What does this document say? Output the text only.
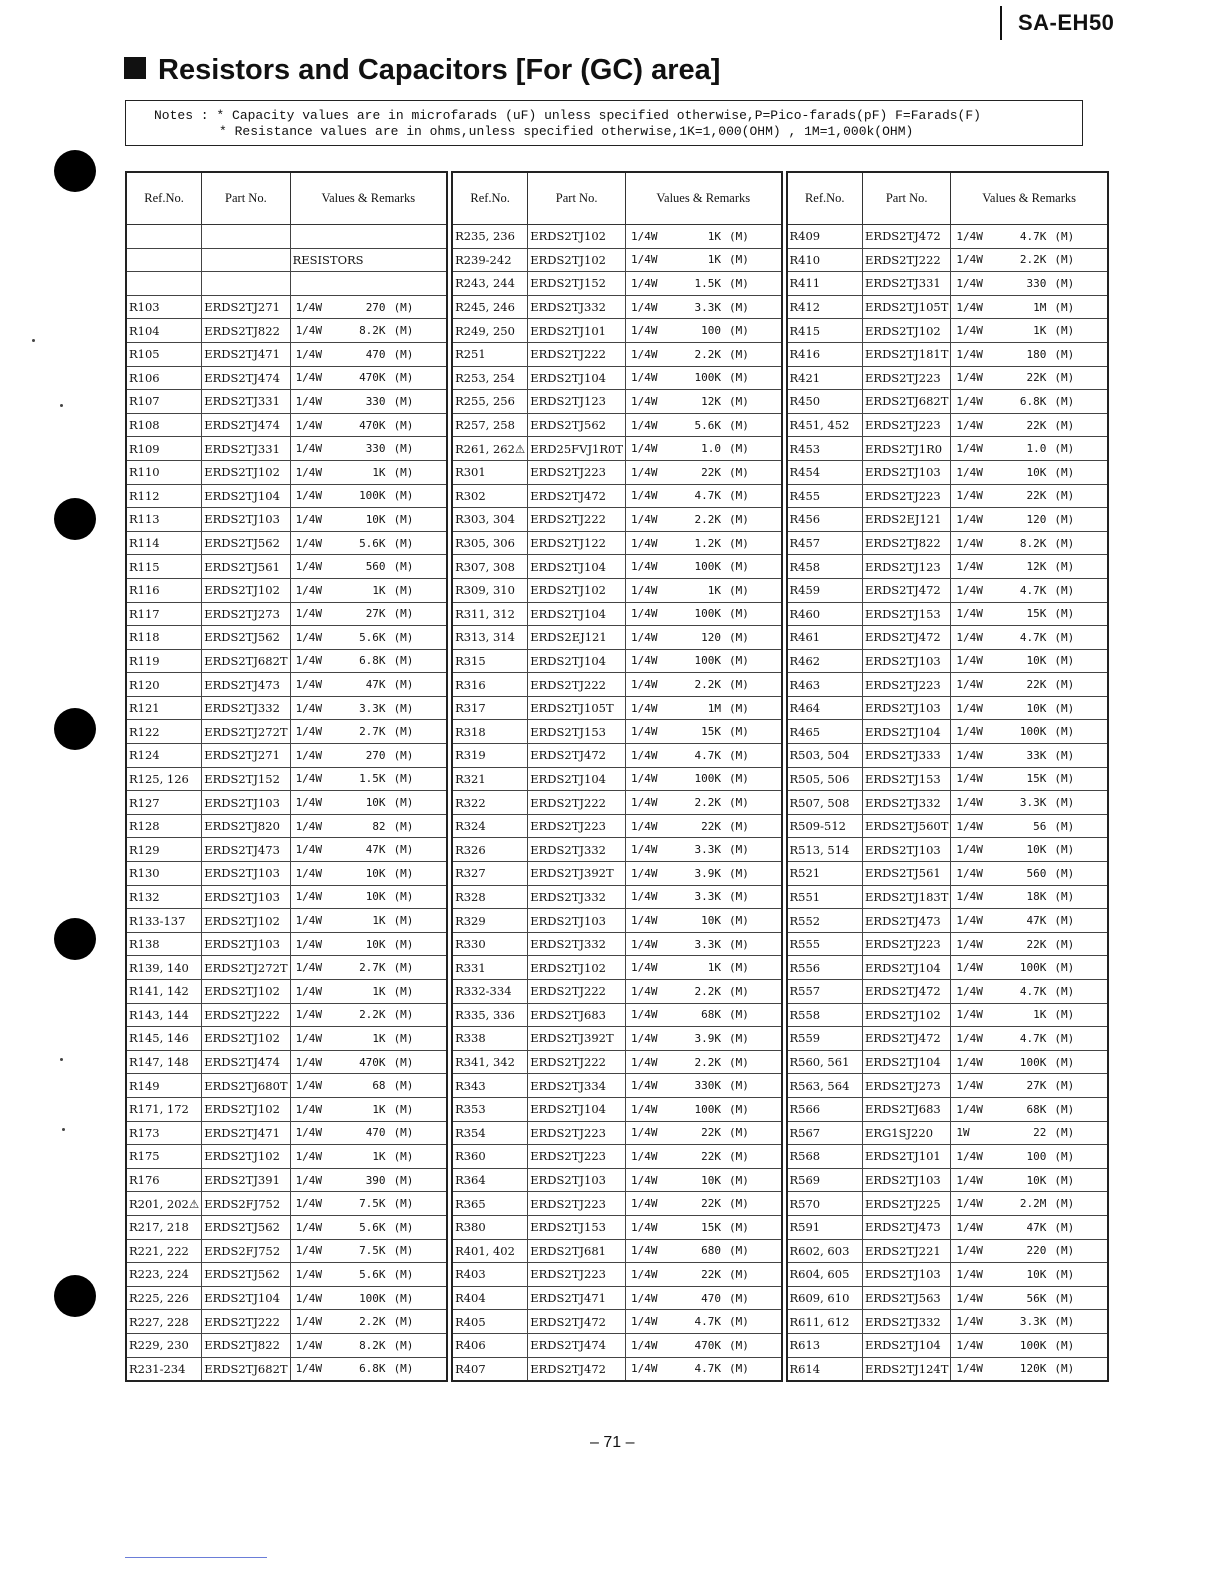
SA-EH50
Resistors and Capacitors [For (GC) area]
Notes : * Capacity values are in microfarads (uF) unless specified otherwise,P=Pico-farads(pF) F=Farads(F)
* Resistance values are in ohms,unless specified otherwise,1K=1,000(OHM) , 1M=1,000k(OHM)
Ref.No.	Part No.	Values & Remarks

		RESISTORS

R103	ERDS2TJ271	1/4W 270 (M)
R104	ERDS2TJ822	1/4W 8.2K (M)
R105	ERDS2TJ471	1/4W 470 (M)
R106	ERDS2TJ474	1/4W 470K (M)
R107	ERDS2TJ331	1/4W 330 (M)
R108	ERDS2TJ474	1/4W 470K (M)
R109	ERDS2TJ331	1/4W 330 (M)
R110	ERDS2TJ102	1/4W 1K (M)
R112	ERDS2TJ104	1/4W 100K (M)
R113	ERDS2TJ103	1/4W 10K (M)
R114	ERDS2TJ562	1/4W 5.6K (M)
R115	ERDS2TJ561	1/4W 560 (M)
R116	ERDS2TJ102	1/4W 1K (M)
R117	ERDS2TJ273	1/4W 27K (M)
R118	ERDS2TJ562	1/4W 5.6K (M)
R119	ERDS2TJ682T	1/4W 6.8K (M)
R120	ERDS2TJ473	1/4W 47K (M)
R121	ERDS2TJ332	1/4W 3.3K (M)
R122	ERDS2TJ272T	1/4W 2.7K (M)
R124	ERDS2TJ271	1/4W 270 (M)
R125, 126	ERDS2TJ152	1/4W 1.5K (M)
R127	ERDS2TJ103	1/4W 10K (M)
R128	ERDS2TJ820	1/4W 82 (M)
R129	ERDS2TJ473	1/4W 47K (M)
R130	ERDS2TJ103	1/4W 10K (M)
R132	ERDS2TJ103	1/4W 10K (M)
R133-137	ERDS2TJ102	1/4W 1K (M)
R138	ERDS2TJ103	1/4W 10K (M)
R139, 140	ERDS2TJ272T	1/4W 2.7K (M)
R141, 142	ERDS2TJ102	1/4W 1K (M)
R143, 144	ERDS2TJ222	1/4W 2.2K (M)
R145, 146	ERDS2TJ102	1/4W 1K (M)
R147, 148	ERDS2TJ474	1/4W 470K (M)
R149	ERDS2TJ680T	1/4W 68 (M)
R171, 172	ERDS2TJ102	1/4W 1K (M)
R173	ERDS2TJ471	1/4W 470 (M)
R175	ERDS2TJ102	1/4W 1K (M)
R176	ERDS2TJ391	1/4W 390 (M)
R201, 202⚠	ERDS2FJ752	1/4W 7.5K (M)
R217, 218	ERDS2TJ562	1/4W 5.6K (M)
R221, 222	ERDS2FJ752	1/4W 7.5K (M)
R223, 224	ERDS2TJ562	1/4W 5.6K (M)
R225, 226	ERDS2TJ104	1/4W 100K (M)
R227, 228	ERDS2TJ222	1/4W 2.2K (M)
R229, 230	ERDS2TJ822	1/4W 8.2K (M)
R231-234	ERDS2TJ682T	1/4W 6.8K (M)
Ref.No.	Part No.	Values & Remarks
R235, 236	ERDS2TJ102	1/4W 1K (M)
R239-242	ERDS2TJ102	1/4W 1K (M)
R243, 244	ERDS2TJ152	1/4W 1.5K (M)
R245, 246	ERDS2TJ332	1/4W 3.3K (M)
R249, 250	ERDS2TJ101	1/4W 100 (M)
R251	ERDS2TJ222	1/4W 2.2K (M)
R253, 254	ERDS2TJ104	1/4W 100K (M)
R255, 256	ERDS2TJ123	1/4W 12K (M)
R257, 258	ERDS2TJ562	1/4W 5.6K (M)
R261, 262⚠	ERD25FVJ1R0T	1/4W 1.0 (M)
R301	ERDS2TJ223	1/4W 22K (M)
R302	ERDS2TJ472	1/4W 4.7K (M)
R303, 304	ERDS2TJ222	1/4W 2.2K (M)
R305, 306	ERDS2TJ122	1/4W 1.2K (M)
R307, 308	ERDS2TJ104	1/4W 100K (M)
R309, 310	ERDS2TJ102	1/4W 1K (M)
R311, 312	ERDS2TJ104	1/4W 100K (M)
R313, 314	ERDS2EJ121	1/4W 120 (M)
R315	ERDS2TJ104	1/4W 100K (M)
R316	ERDS2TJ222	1/4W 2.2K (M)
R317	ERDS2TJ105T	1/4W 1M (M)
R318	ERDS2TJ153	1/4W 15K (M)
R319	ERDS2TJ472	1/4W 4.7K (M)
R321	ERDS2TJ104	1/4W 100K (M)
R322	ERDS2TJ222	1/4W 2.2K (M)
R324	ERDS2TJ223	1/4W 22K (M)
R326	ERDS2TJ332	1/4W 3.3K (M)
R327	ERDS2TJ392T	1/4W 3.9K (M)
R328	ERDS2TJ332	1/4W 3.3K (M)
R329	ERDS2TJ103	1/4W 10K (M)
R330	ERDS2TJ332	1/4W 3.3K (M)
R331	ERDS2TJ102	1/4W 1K (M)
R332-334	ERDS2TJ222	1/4W 2.2K (M)
R335, 336	ERDS2TJ683	1/4W 68K (M)
R338	ERDS2TJ392T	1/4W 3.9K (M)
R341, 342	ERDS2TJ222	1/4W 2.2K (M)
R343	ERDS2TJ334	1/4W 330K (M)
R353	ERDS2TJ104	1/4W 100K (M)
R354	ERDS2TJ223	1/4W 22K (M)
R360	ERDS2TJ223	1/4W 22K (M)
R364	ERDS2TJ103	1/4W 10K (M)
R365	ERDS2TJ223	1/4W 22K (M)
R380	ERDS2TJ153	1/4W 15K (M)
R401, 402	ERDS2TJ681	1/4W 680 (M)
R403	ERDS2TJ223	1/4W 22K (M)
R404	ERDS2TJ471	1/4W 470 (M)
R405	ERDS2TJ472	1/4W 4.7K (M)
R406	ERDS2TJ474	1/4W 470K (M)
R407	ERDS2TJ472	1/4W 4.7K (M)
Ref.No.	Part No.	Values & Remarks
R409	ERDS2TJ472	1/4W 4.7K (M)
R410	ERDS2TJ222	1/4W 2.2K (M)
R411	ERDS2TJ331	1/4W 330 (M)
R412	ERDS2TJ105T	1/4W 1M (M)
R415	ERDS2TJ102	1/4W 1K (M)
R416	ERDS2TJ181T	1/4W 180 (M)
R421	ERDS2TJ223	1/4W 22K (M)
R450	ERDS2TJ682T	1/4W 6.8K (M)
R451, 452	ERDS2TJ223	1/4W 22K (M)
R453	ERDS2TJ1R0	1/4W 1.0 (M)
R454	ERDS2TJ103	1/4W 10K (M)
R455	ERDS2TJ223	1/4W 22K (M)
R456	ERDS2EJ121	1/4W 120 (M)
R457	ERDS2TJ822	1/4W 8.2K (M)
R458	ERDS2TJ123	1/4W 12K (M)
R459	ERDS2TJ472	1/4W 4.7K (M)
R460	ERDS2TJ153	1/4W 15K (M)
R461	ERDS2TJ472	1/4W 4.7K (M)
R462	ERDS2TJ103	1/4W 10K (M)
R463	ERDS2TJ223	1/4W 22K (M)
R464	ERDS2TJ103	1/4W 10K (M)
R465	ERDS2TJ104	1/4W 100K (M)
R503, 504	ERDS2TJ333	1/4W 33K (M)
R505, 506	ERDS2TJ153	1/4W 15K (M)
R507, 508	ERDS2TJ332	1/4W 3.3K (M)
R509-512	ERDS2TJ560T	1/4W 56 (M)
R513, 514	ERDS2TJ103	1/4W 10K (M)
R521	ERDS2TJ561	1/4W 560 (M)
R551	ERDS2TJ183T	1/4W 18K (M)
R552	ERDS2TJ473	1/4W 47K (M)
R555	ERDS2TJ223	1/4W 22K (M)
R556	ERDS2TJ104	1/4W 100K (M)
R557	ERDS2TJ472	1/4W 4.7K (M)
R558	ERDS2TJ102	1/4W 1K (M)
R559	ERDS2TJ472	1/4W 4.7K (M)
R560, 561	ERDS2TJ104	1/4W 100K (M)
R563, 564	ERDS2TJ273	1/4W 27K (M)
R566	ERDS2TJ683	1/4W 68K (M)
R567	ERG1SJ220	1W 22 (M)
R568	ERDS2TJ101	1/4W 100 (M)
R569	ERDS2TJ103	1/4W 10K (M)
R570	ERDS2TJ225	1/4W 2.2M (M)
R591	ERDS2TJ473	1/4W 47K (M)
R602, 603	ERDS2TJ221	1/4W 220 (M)
R604, 605	ERDS2TJ103	1/4W 10K (M)
R609, 610	ERDS2TJ563	1/4W 56K (M)
R611, 612	ERDS2TJ332	1/4W 3.3K (M)
R613	ERDS2TJ104	1/4W 100K (M)
R614	ERDS2TJ124T	1/4W 120K (M)
– 71 –
